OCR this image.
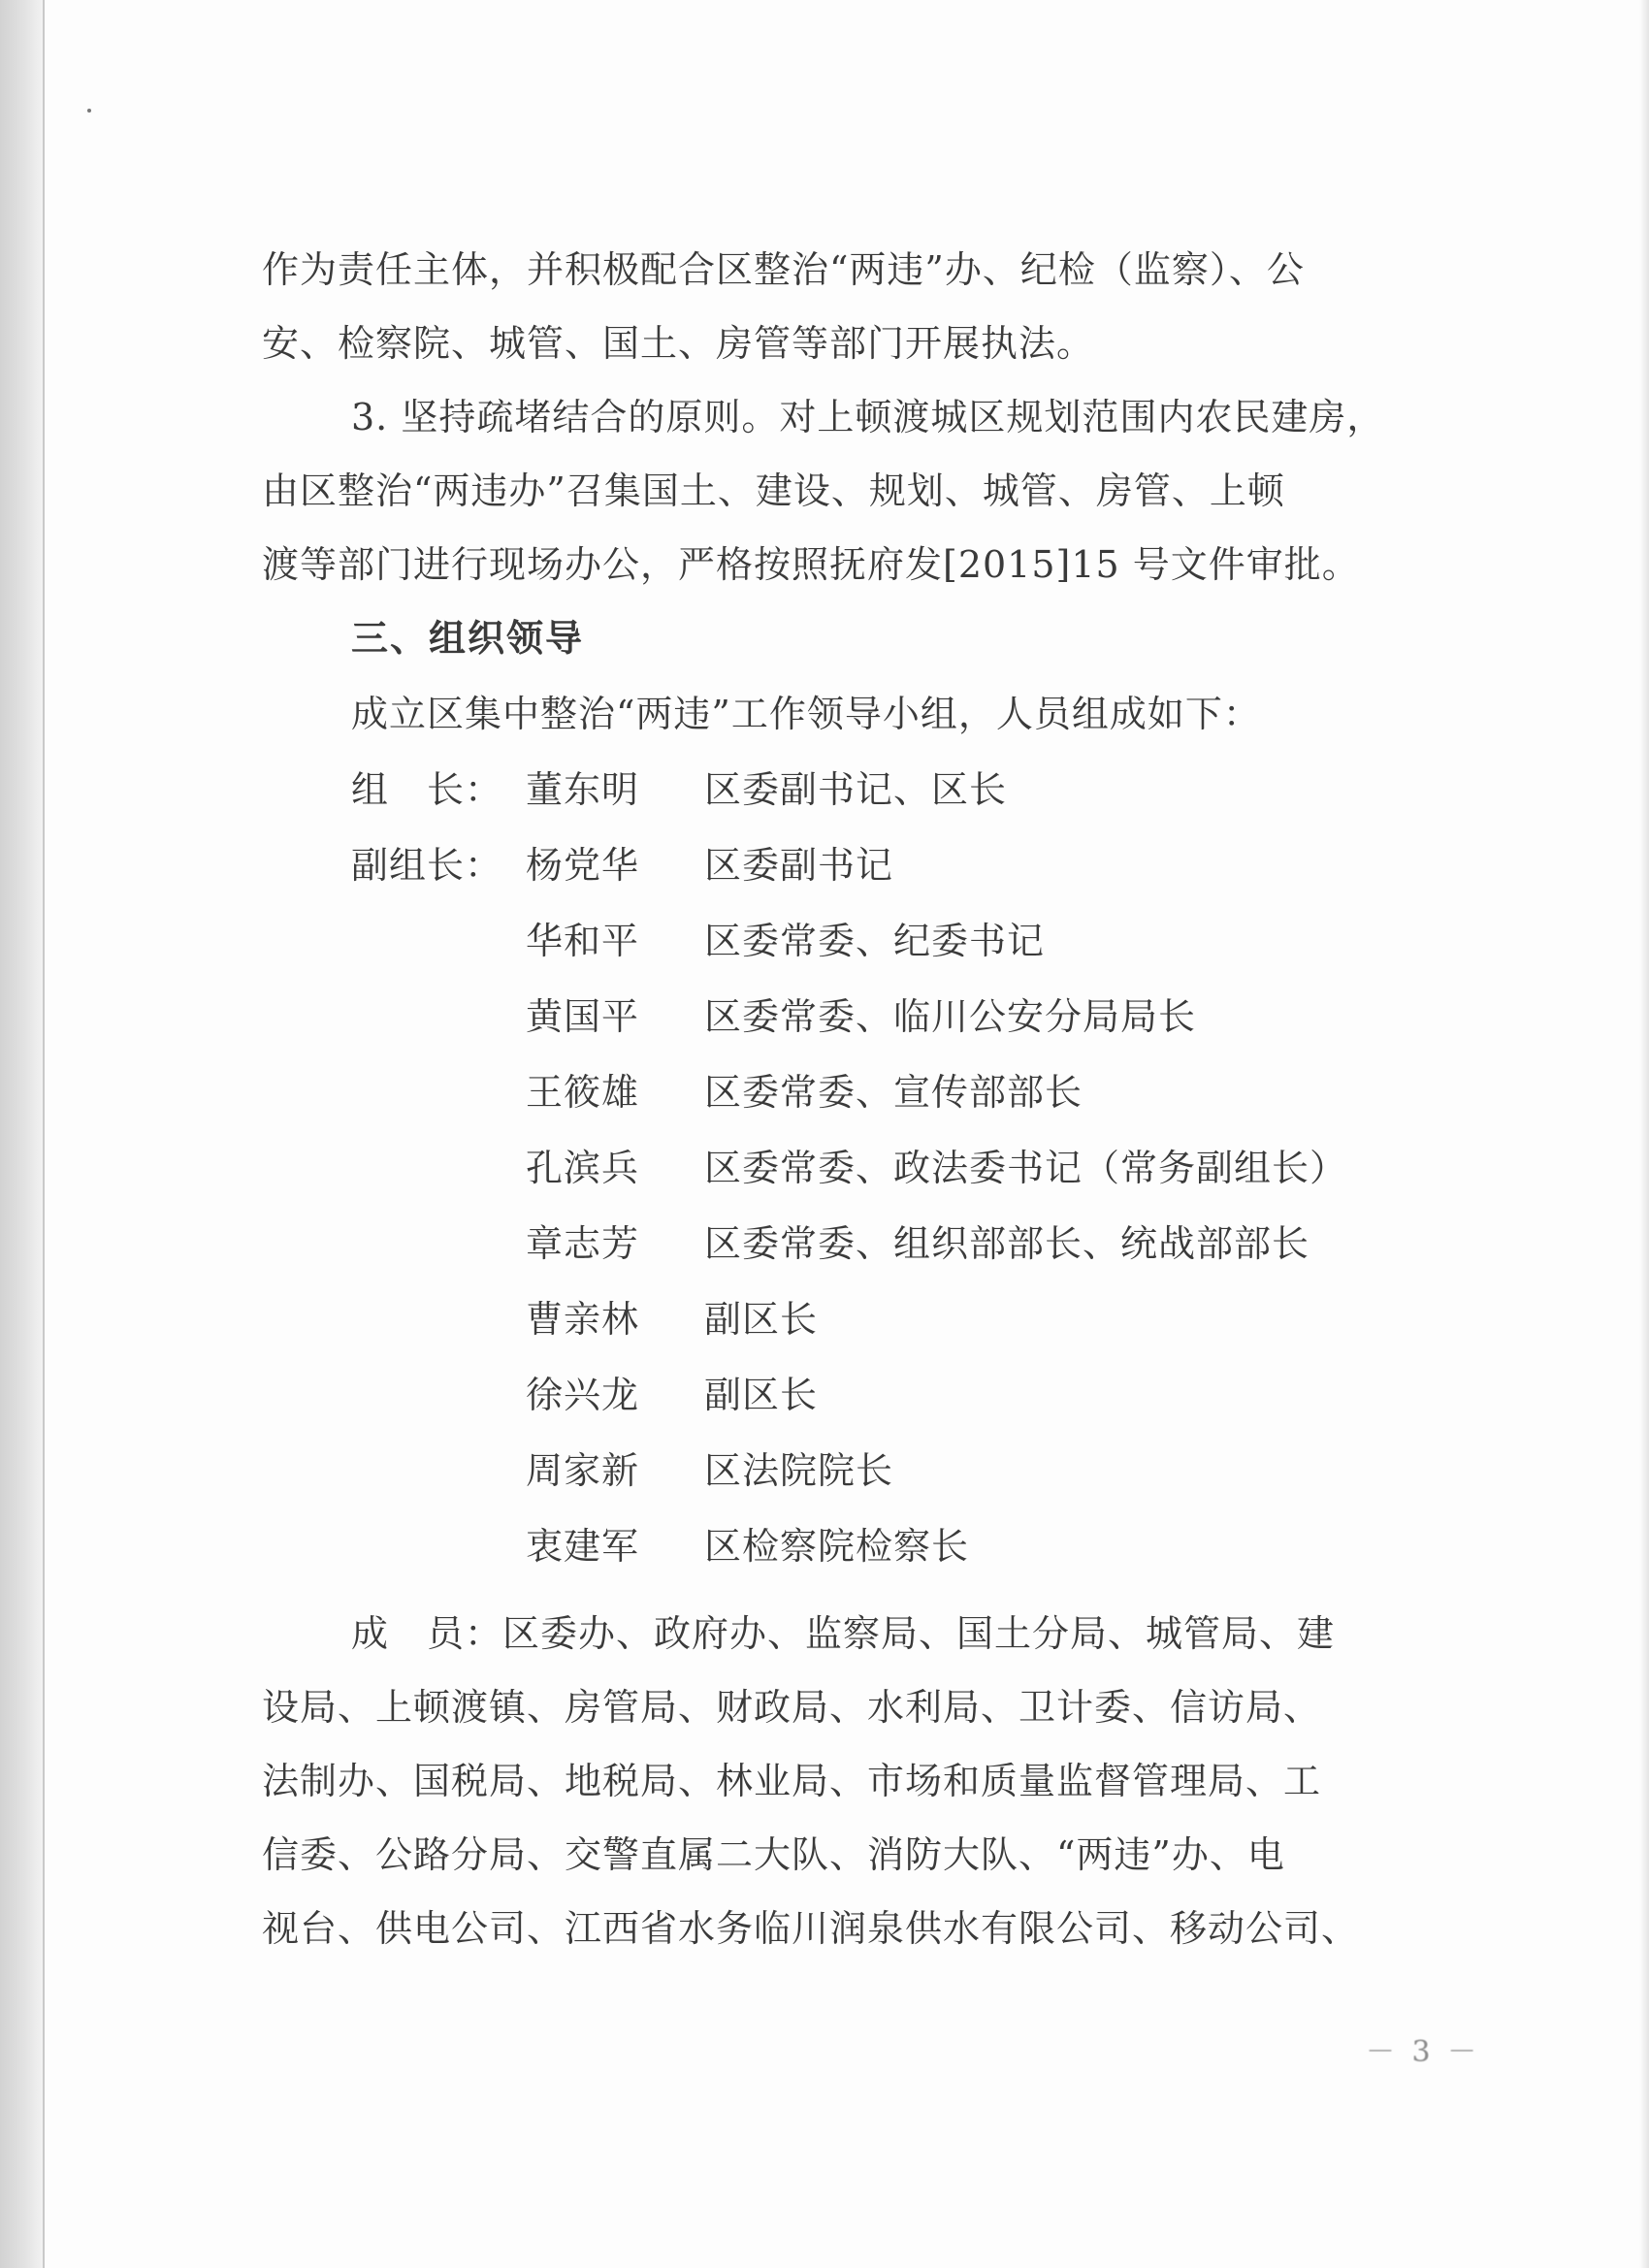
作为责任主体，并积极配合区整治“两违”办、纪检（监察）、公
安、检察院、城管、国土、房管等部门开展执法。
3. 坚持疏堵结合的原则。对上顿渡城区规划范围内农民建房，
由区整治“两违办”召集国土、建设、规划、城管、房管、上顿
渡等部门进行现场办公，严格按照抚府发[2015]15 号文件审批。
三、组织领导
成立区集中整治“两违”工作领导小组，人员组成如下：
组　长： 董东明 区委副书记、区长
副组长： 杨党华 区委副书记
华和平 区委常委、纪委书记
黄国平 区委常委、临川公安分局局长
王筱雄 区委常委、宣传部部长
孔滨兵 区委常委、政法委书记（常务副组长）
章志芳 区委常委、组织部部长、统战部部长
曹亲林 副区长
徐兴龙 副区长
周家新 区法院院长
衷建军 区检察院检察长
成　员：区委办、政府办、监察局、国土分局、城管局、建
设局、上顿渡镇、房管局、财政局、水利局、卫计委、信访局、
法制办、国税局、地税局、林业局、市场和质量监督管理局、工
信委、公路分局、交警直属二大队、消防大队、“两违”办、电
视台、供电公司、江西省水务临川润泉供水有限公司、移动公司、
－ 3 －
